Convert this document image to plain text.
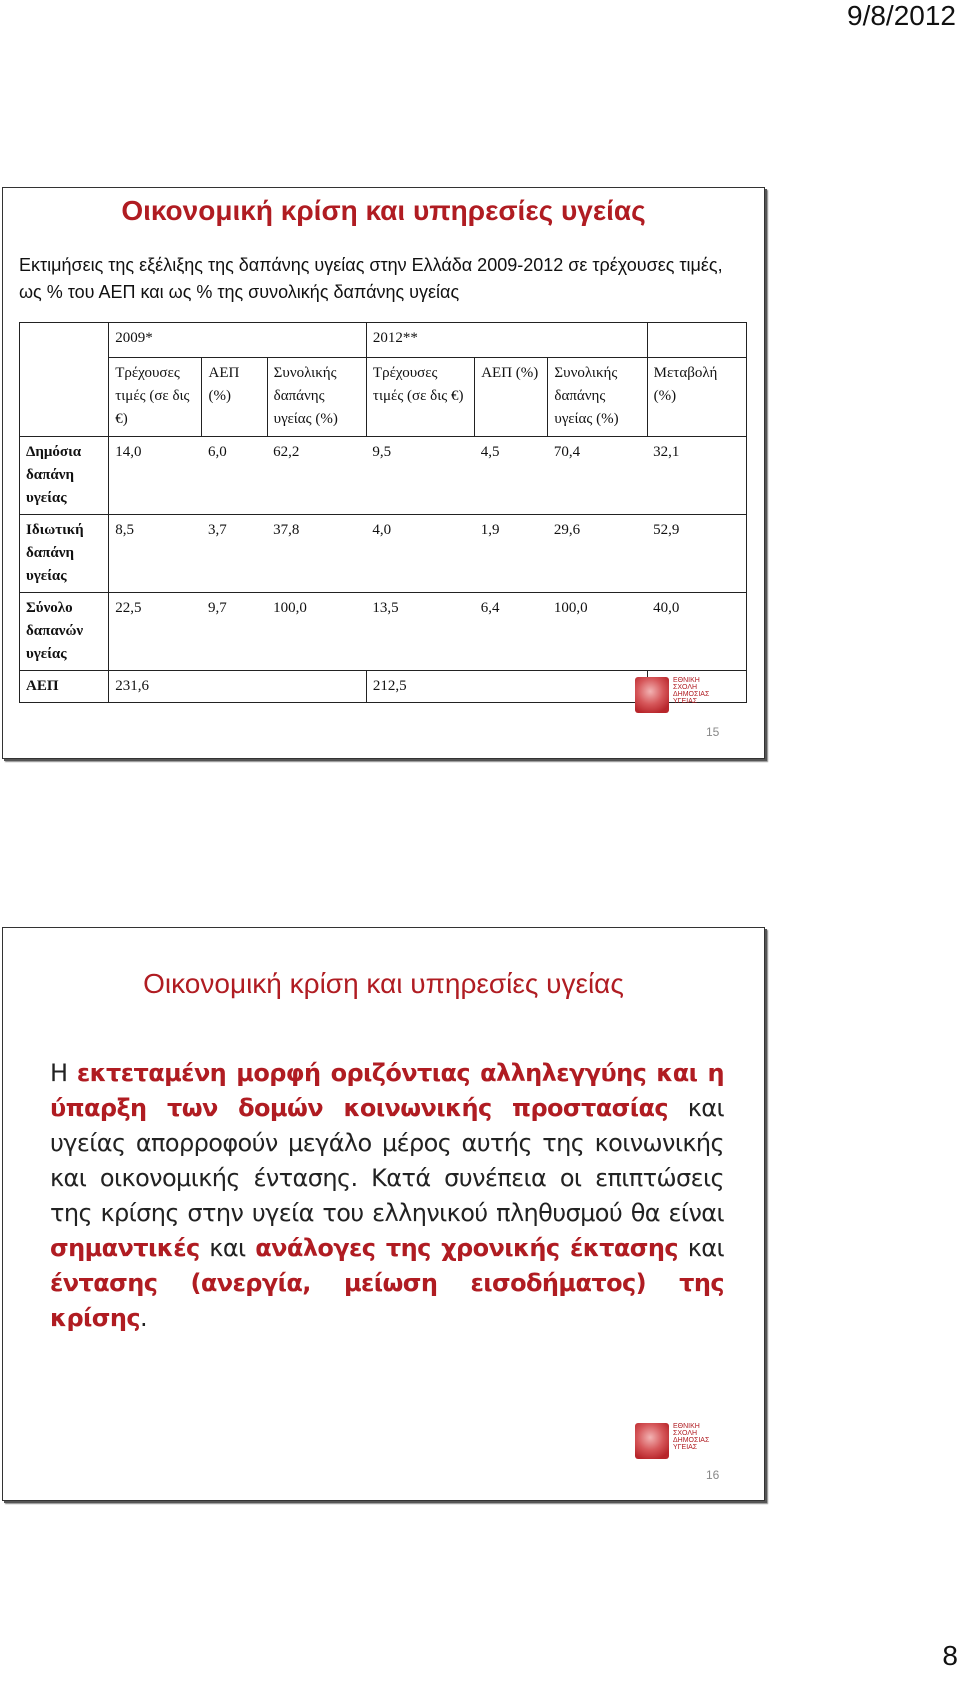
9/8/2012
Οικονομική κρίση και υπηρεσίες υγείας
Εκτιμήσεις της εξέλιξης της δαπάνης υγείας στην Ελλάδα 2009-2012 σε τρέχουσες τιμές, ως % του ΑΕΠ και ως % της συνολικής δαπάνης υγείας
	2009*			2012**			
	Τρέχουσες τιμές (σε δις €)	ΑΕΠ (%)	Συνολικής δαπάνης υγείας (%)	Τρέχουσες τιμές (σε δις €)	ΑΕΠ (%)	Συνολικής δαπάνης υγείας (%)	Μεταβολή (%)
Δημόσια δαπάνη υγείας	14,0	6,0	62,2	9,5	4,5	70,4	32,1
Ιδιωτική δαπάνη υγείας	8,5	3,7	37,8	4,0	1,9	29,6	52,9
Σύνολο δαπανών υγείας	22,5	9,7	100,0	13,5	6,4	100,0	40,0
ΑΕΠ	231,6			212,5				ΕΘΝΙΚΗ
ΣΧΟΛΗ
ΔΗΜΟΣΙΑΣ
ΥΓΕΙΑΣ
15
Οικονομική κρίση και υπηρεσίες υγείας
Η εκτεταμένη μορφή οριζόντιας αλληλεγγύης και η ύπαρξη των δομών κοινωνικής προστασίας και υγείας απορροφούν μεγάλο μέρος αυτής της κοινωνικής και οικονομικής έντασης. Κατά συνέπεια οι επιπτώσεις της κρίσης στην υγεία του ελληνικού πληθυσμού θα είναι σημαντικές και ανάλογες της χρονικής έκτασης και έντασης (ανεργία, μείωση εισοδήματος) της κρίσης.
ΕΘΝΙΚΗ
ΣΧΟΛΗ
ΔΗΜΟΣΙΑΣ
ΥΓΕΙΑΣ
16
8
